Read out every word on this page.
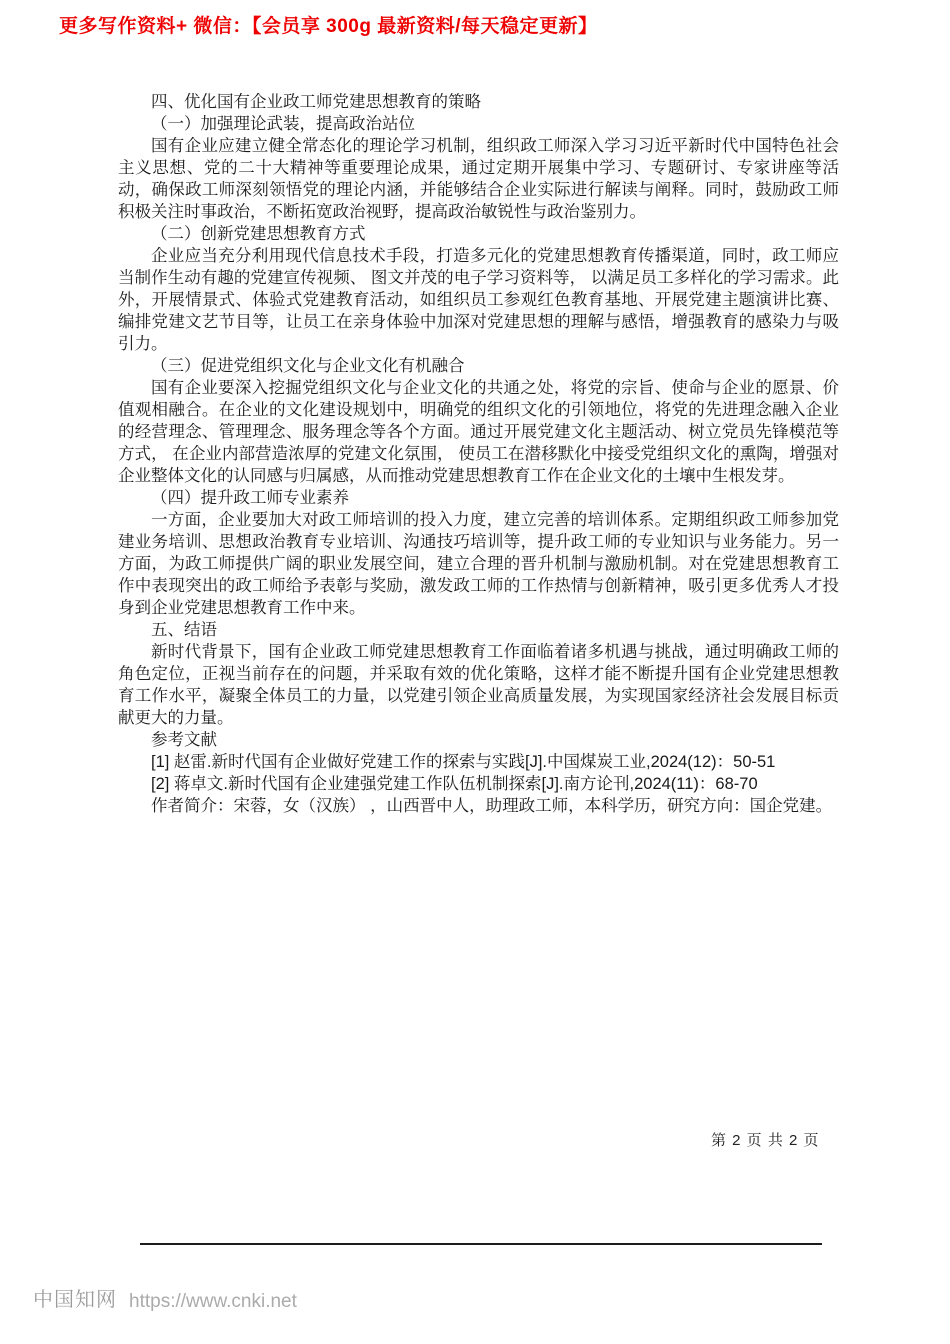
更多写作资料+ 微信：【会员享 300g 最新资料/每天稳定更新】

四、优化国有企业政工师党建思想教育的策略

（一）加强理论武装，提高政治站位

国有企业应建立健全常态化的理论学习机制，组织政工师深入学习习近平新时代中国特色社会主义思想、党的二十大精神等重要理论成果，通过定期开展集中学习、专题研讨、专家讲座等活动，确保政工师深刻领悟党的理论内涵，并能够结合企业实际进行解读与阐释。同时，鼓励政工师积极关注时事政治，不断拓宽政治视野，提高政治敏锐性与政治鉴别力。

（二）创新党建思想教育方式

企业应当充分利用现代信息技术手段，打造多元化的党建思想教育传播渠道，同时，政工师应当制作生动有趣的党建宣传视频、 图文并茂的电子学习资料等， 以满足员工多样化的学习需求。此外，开展情景式、体验式党建教育活动，如组织员工参观红色教育基地、开展党建主题演讲比赛、编排党建文艺节目等，让员工在亲身体验中加深对党建思想的理解与感悟，增强教育的感染力与吸引力。

（三）促进党组织文化与企业文化有机融合

国有企业要深入挖掘党组织文化与企业文化的共通之处，将党的宗旨、使命与企业的愿景、价值观相融合。在企业的文化建设规划中，明确党的组织文化的引领地位，将党的先进理念融入企业的经营理念、管理理念、服务理念等各个方面。通过开展党建文化主题活动、树立党员先锋模范等方式， 在企业内部营造浓厚的党建文化氛围， 使员工在潜移默化中接受党组织文化的熏陶，增强对企业整体文化的认同感与归属感，从而推动党建思想教育工作在企业文化的土壤中生根发芽。

（四）提升政工师专业素养

一方面，企业要加大对政工师培训的投入力度，建立完善的培训体系。定期组织政工师参加党建业务培训、思想政治教育专业培训、沟通技巧培训等，提升政工师的专业知识与业务能力。另一方面，为政工师提供广阔的职业发展空间，建立合理的晋升机制与激励机制。对在党建思想教育工作中表现突出的政工师给予表彰与奖励，激发政工师的工作热情与创新精神，吸引更多优秀人才投身到企业党建思想教育工作中来。

五、结语

新时代背景下，国有企业政工师党建思想教育工作面临着诸多机遇与挑战，通过明确政工师的角色定位，正视当前存在的问题，并采取有效的优化策略，这样才能不断提升国有企业党建思想教育工作水平，凝聚全体员工的力量，以党建引领企业高质量发展，为实现国家经济社会发展目标贡献更大的力量。

参考文献

[1] 赵雷.新时代国有企业做好党建工作的探索与实践[J].中国煤炭工业,2024(12)：50-51

[2] 蒋卓文.新时代国有企业建强党建工作队伍机制探索[J].南方论刊,2024(11)：68-70

作者简介：宋蓉，女（汉族） ，山西晋中人，助理政工师，本科学历，研究方向：国企党建。

第 2 页 共 2 页
中国知网 https://www.cnki.net
